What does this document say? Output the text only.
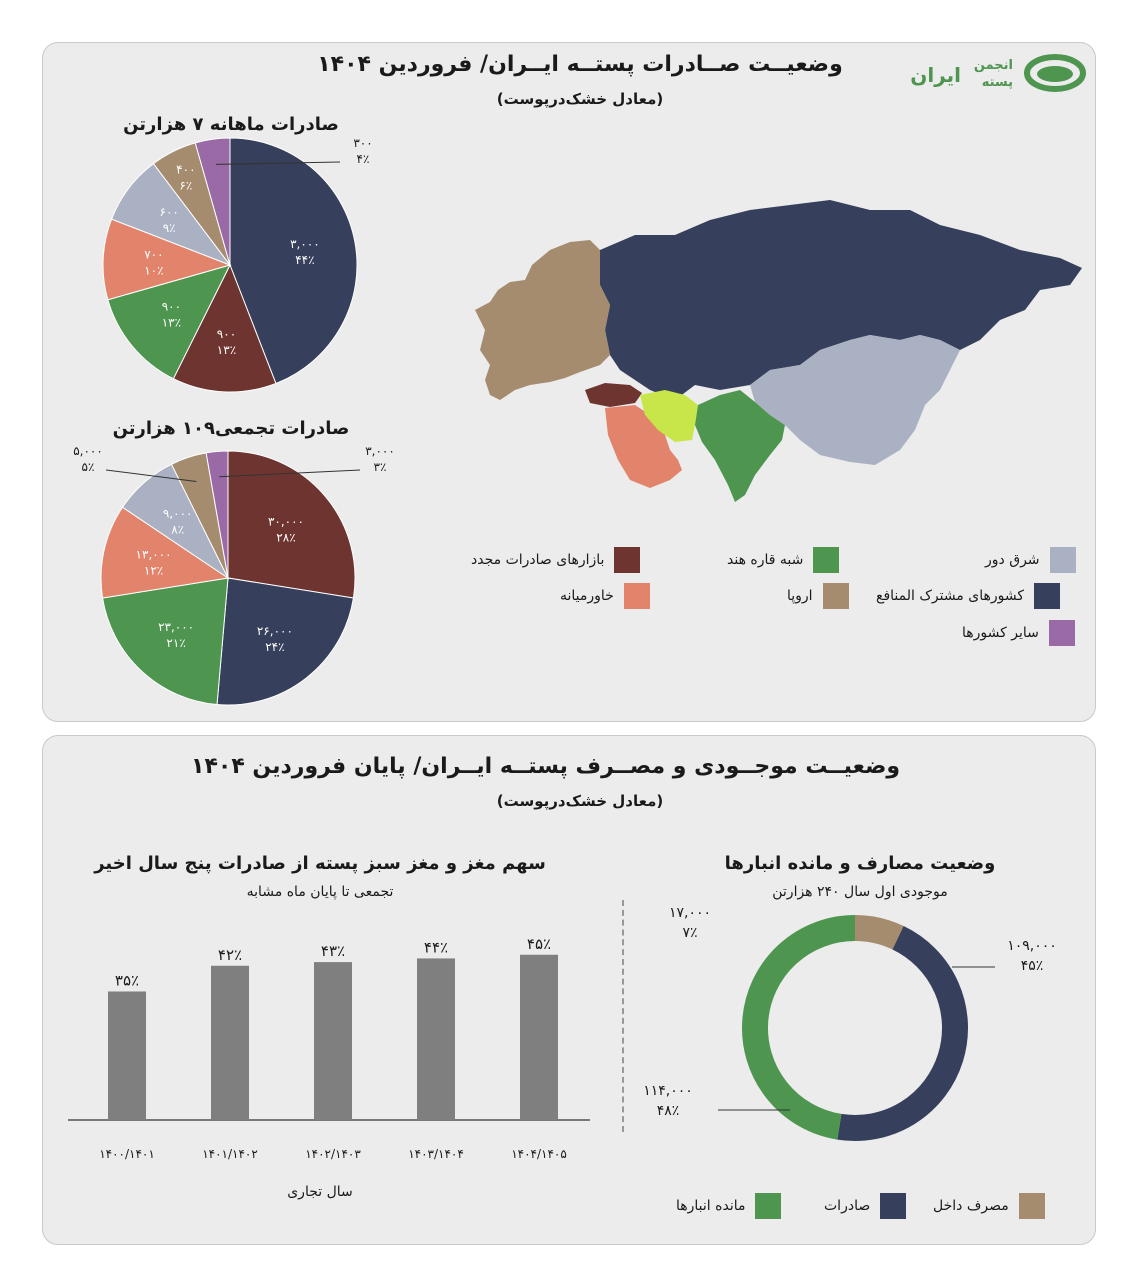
انجمن
پسته
ایران
وضعیــت صــادرات پستــه ایــران/ فروردین ۱۴۰۴
(معادل خشک‌درپوست)
صادرات ماهانه ۷ هزارتن
۳,۰۰۰
۴۴٪
۹۰۰
۱۳٪
۹۰۰
۱۳٪
۷۰۰
۱۰٪
۶۰۰
۹٪
۴۰۰
۶٪
۳۰۰
۴٪
صادرات تجمعی۱۰۹ هزارتن
۳۰,۰۰۰
۲۸٪
۲۶,۰۰۰
۲۴٪
۲۳,۰۰۰
۲۱٪
۱۳,۰۰۰
۱۲٪
۹,۰۰۰
۸٪
۵,۰۰۰
۵٪
۳,۰۰۰
۳٪
شرق دور
کشورهای مشترک المنافع
سایر کشورها
شبه قاره هند
اروپا
بازارهای صادرات مجدد
خاورمیانه
وضعیــت موجــودی و مصــرف پستــه ایــران/ پایان فروردین ۱۴۰۴
(معادل خشک‌درپوست)
سهم مغز و مغز سبز پسته از صادرات پنج سال اخیر
تجمعی تا پایان ماه مشابه
۳۵٪
۴۲٪	۴۳٪	۴۴٪	۴۵٪
سال تجاری
وضعیت مصارف و مانده انبارها
موجودی اول سال ۲۴۰ هزارتن
۱۷,۰۰۰
۷٪
۱۰۹,۰۰۰
۴۵٪
۱۱۴,۰۰۰
۴۸٪
مصرف داخل
صادرات
مانده انبارها
۱۴۰۰/۱۴۰۱	۱۴۰۱/۱۴۰۲	۱۴۰۲/۱۴۰۳	۱۴۰۳/۱۴۰۴	۱۴۰۴/۱۴۰۵
